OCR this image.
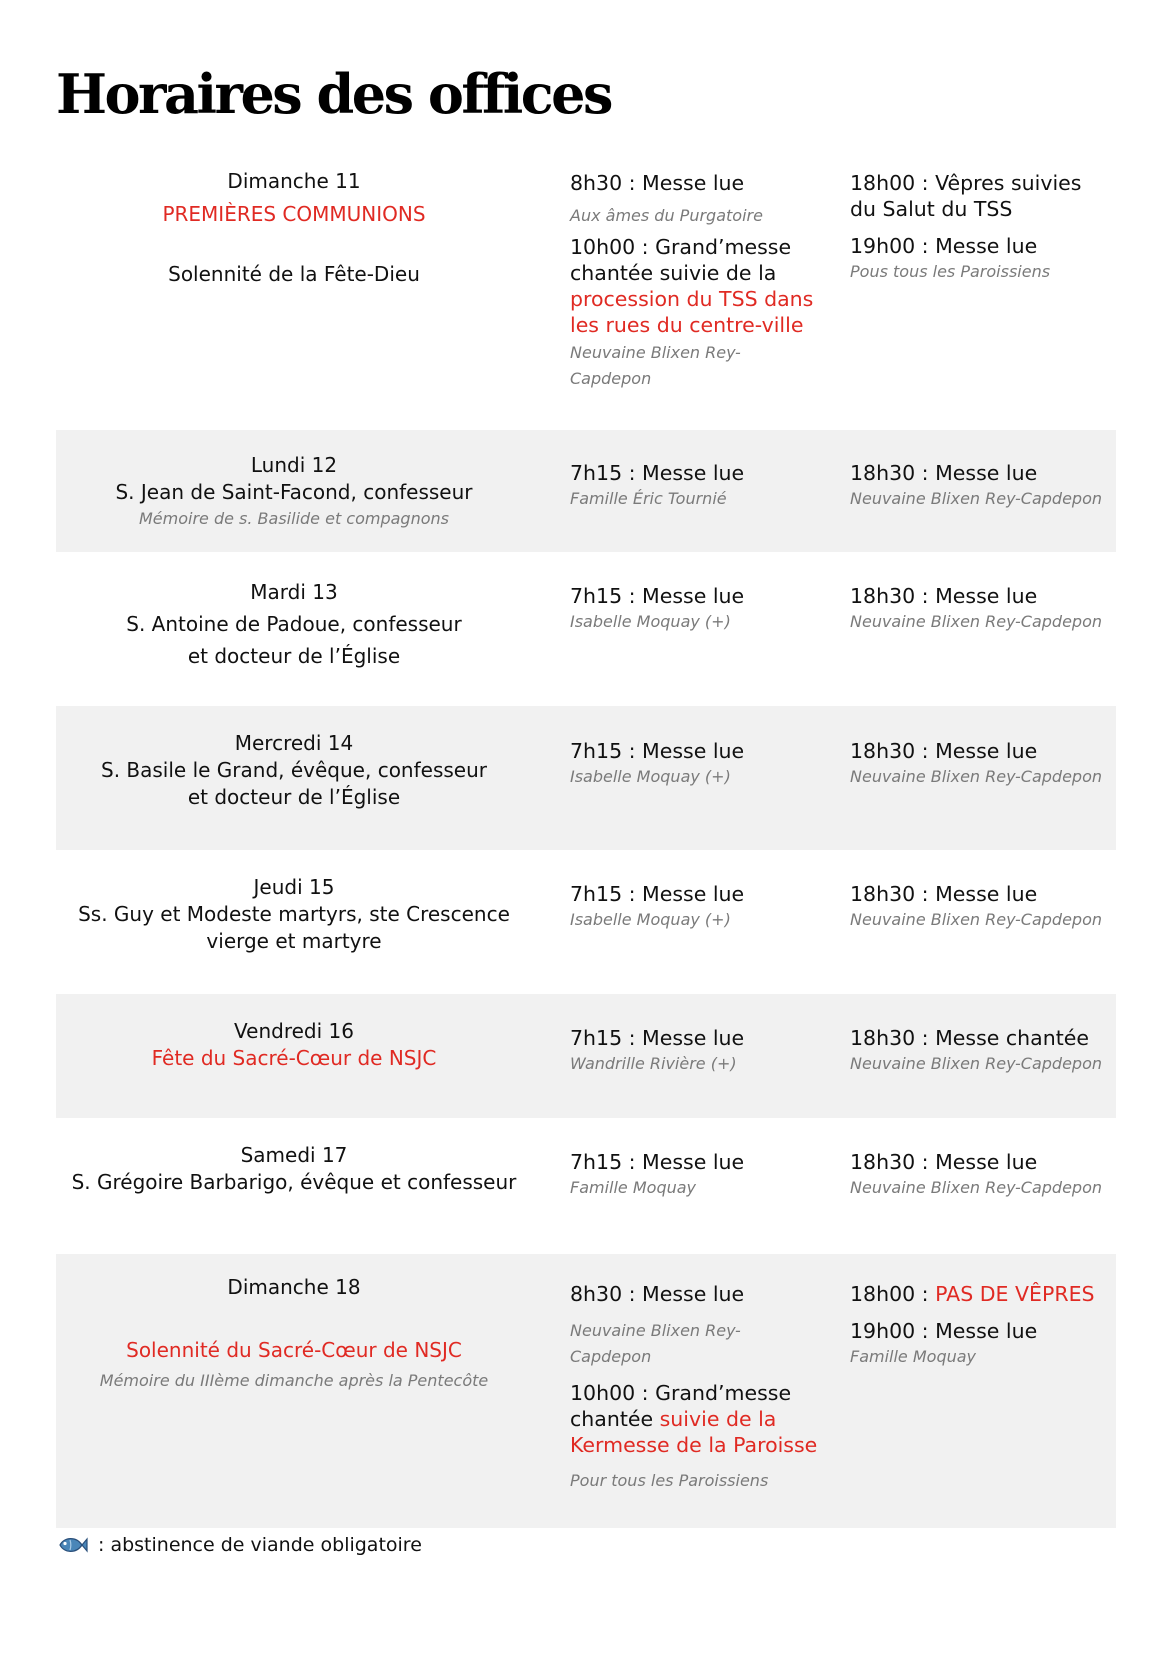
Horaires des offices
Dimanche 11
PREMIÈRES COMMUNIONS
Solennité de la Fête-Dieu
8h30 : Messe lue
Aux âmes du Purgatoire
10h00 : Grand’messe chantée suivie de la procession du TSS dans les rues du centre-ville
Neuvaine Blixen Rey-Capdepon
18h00 : Vêpres suivies du Salut du TSS
19h00 : Messe lue
Pous tous les Paroissiens
Lundi 12
S. Jean de Saint-Facond, confesseur
Mémoire de s. Basilide et compagnons
7h15 : Messe lue
Famille Éric Tournié
18h30 : Messe lue
Neuvaine Blixen Rey-Capdepon
Mardi 13
S. Antoine de Padoue, confesseur
et docteur de l’Église
7h15 : Messe lue
Isabelle Moquay (+)
18h30 : Messe lue
Neuvaine Blixen Rey-Capdepon
Mercredi 14
S. Basile le Grand, évêque, confesseur
et docteur de l’Église
7h15 : Messe lue
Isabelle Moquay (+)
18h30 : Messe lue
Neuvaine Blixen Rey-Capdepon
Jeudi 15
Ss. Guy et Modeste martyrs, ste Crescence
vierge et martyre
7h15 : Messe lue
Isabelle Moquay (+)
18h30 : Messe lue
Neuvaine Blixen Rey-Capdepon
Vendredi 16
Fête du Sacré-Cœur de NSJC
7h15 : Messe lue
Wandrille Rivière (+)
18h30 : Messe chantée
Neuvaine Blixen Rey-Capdepon
Samedi 17
S. Grégoire Barbarigo, évêque et confesseur
7h15 : Messe lue
Famille Moquay
18h30 : Messe lue
Neuvaine Blixen Rey-Capdepon
Dimanche 18
Solennité du Sacré-Cœur de NSJC
Mémoire du IIIème dimanche après la Pentecôte
8h30 : Messe lue
Neuvaine Blixen Rey-Capdepon
10h00 : Grand’messe chantée suivie de la Kermesse de la Paroisse
Pour tous les Paroissiens
18h00 : PAS DE VÊPRES
19h00 : Messe lue
Famille Moquay
: abstinence de viande obligatoire
